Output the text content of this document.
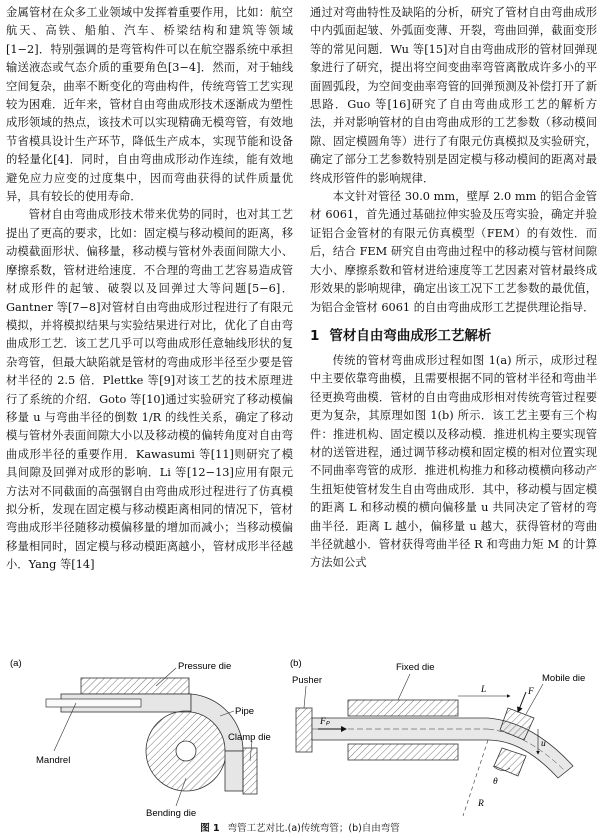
金属管材在众多工业领域中发挥着重要作用，比如：航空航天、高铁、船舶、汽车、桥梁结构和建筑等领域[1−2]．特别强调的是弯管构件可以在航空器系统中承担输送液态或气态介质的重要角色[3−4]．然而，对于轴线空间复杂，曲率不断变化的弯曲构件，传统弯管工艺实现较为困难．近年来，管材自由弯曲成形技术逐渐成为塑性成形领域的热点，该技术可以实现精确无模弯管，有效地节省模具设计生产环节，降低生产成本，实现节能和设备的轻量化[4]．同时，自由弯曲成形动作连续，能有效地避免应力应变的过度集中，因而弯曲获得的试件质量优异，具有较长的使用寿命．

管材自由弯曲成形技术带来优势的同时，也对其工艺提出了更高的要求，比如：固定模与移动模间的距离，移动模截面形状、偏移量，移动模与管材外表面间隙大小、摩擦系数，管材进给速度．不合理的弯曲工艺容易造成管材成形件的起皱、破裂以及回弹过大等问题[5−6]．Gantner 等[7−8]对管材自由弯曲成形过程进行了有限元模拟，并将模拟结果与实验结果进行对比，优化了自由弯曲成形工艺．该工艺几乎可以弯曲成形任意轴线形状的复杂弯管，但最大缺陷就是管材的弯曲成形半径至少要是管材半径的 2.5 倍．Plettke 等[9]对该工艺的技术原理进行了系统的介绍．Goto 等[10]通过实验研究了移动模偏移量 u 与弯曲半径的倒数 1/R 的线性关系，确定了移动模与管材外表面间隙大小以及移动模的偏转角度对自由弯曲成形半径的重要作用．Kawasumi 等[11]则研究了模具间隙及回弹对成形的影响．Li 等[12−13]应用有限元方法对不同截面的高强钢自由弯曲成形过程进行了仿真模拟分析，发现在固定模与移动模距离相同的情况下，管材弯曲成形半径随移动模偏移量的增加而减小；当移动模偏移量相同时，固定模与移动模距离越小，管材成形半径越小．Yang 等[14]

通过对弯曲特性及缺陷的分析，研究了管材自由弯曲成形中内弧面起皱、外弧面变薄、开裂，弯曲回弹，截面变形等的常见问题．Wu 等[15]对自由弯曲成形的管材回弹现象进行了研究，提出将空间变曲率弯管离散成许多小的平面圆弧段，为空间变曲率弯管的回弹预测及补偿打开了新思路．Guo 等[16]研究了自由弯曲成形工艺的解析方法，并对影响管材的自由弯曲成形的工艺参数（移动模间隙、固定模圆角等）进行了有限元仿真模拟及实验研究，确定了部分工艺参数特别是固定模与移动模间的距离对最终成形管件的影响规律．

本文针对管径 30.0 mm，壁厚 2.0 mm 的铝合金管材 6061，首先通过基础拉伸实验及压弯实验，确定并验证铝合金管材的有限元仿真模型（FEM）的有效性．而后，结合 FEM 研究自由弯曲过程中的移动模与管材间隙大小、摩擦系数和管材进给速度等工艺因素对管材最终成形效果的影响规律，确定出该工况下工艺参数的最优值，为铝合金管材 6061 的自由弯曲成形工艺提供理论指导．

1 管材自由弯曲成形工艺解析

传统的管材弯曲成形过程如图 1(a) 所示，成形过程中主要依靠弯曲模，且需要根据不同的管材半径和弯曲半径更换弯曲模．管材的自由弯曲成形相对传统弯管过程要更为复杂，其原理如图 1(b) 所示．该工艺主要有三个构件：推进机构、固定模以及移动模．推进机构主要实现管材的送管进程，通过调节移动模和固定模的相对位置实现不同曲率弯管的成形．推进机构推力和移动模横向移动产生扭矩使管材发生自由弯曲成形．其中，移动模与固定模的距离 L 和移动模的横向偏移量 u 共同决定了管材的弯曲半径．距离 L 越小，偏移量 u 越大，获得管材的弯曲半径就越小．管材获得弯曲半径 R 和弯曲力矩 M 的计算方法如公式

(a)	Pressure die
Pipe
Clamp die
Mandrel
Bending die
(b)
Fₚ
F
L
u
θ
R
Pusher
Fixed die
Mobile die
图 1 弯管工艺对比.(a)传统弯管；(b)自由弯管
